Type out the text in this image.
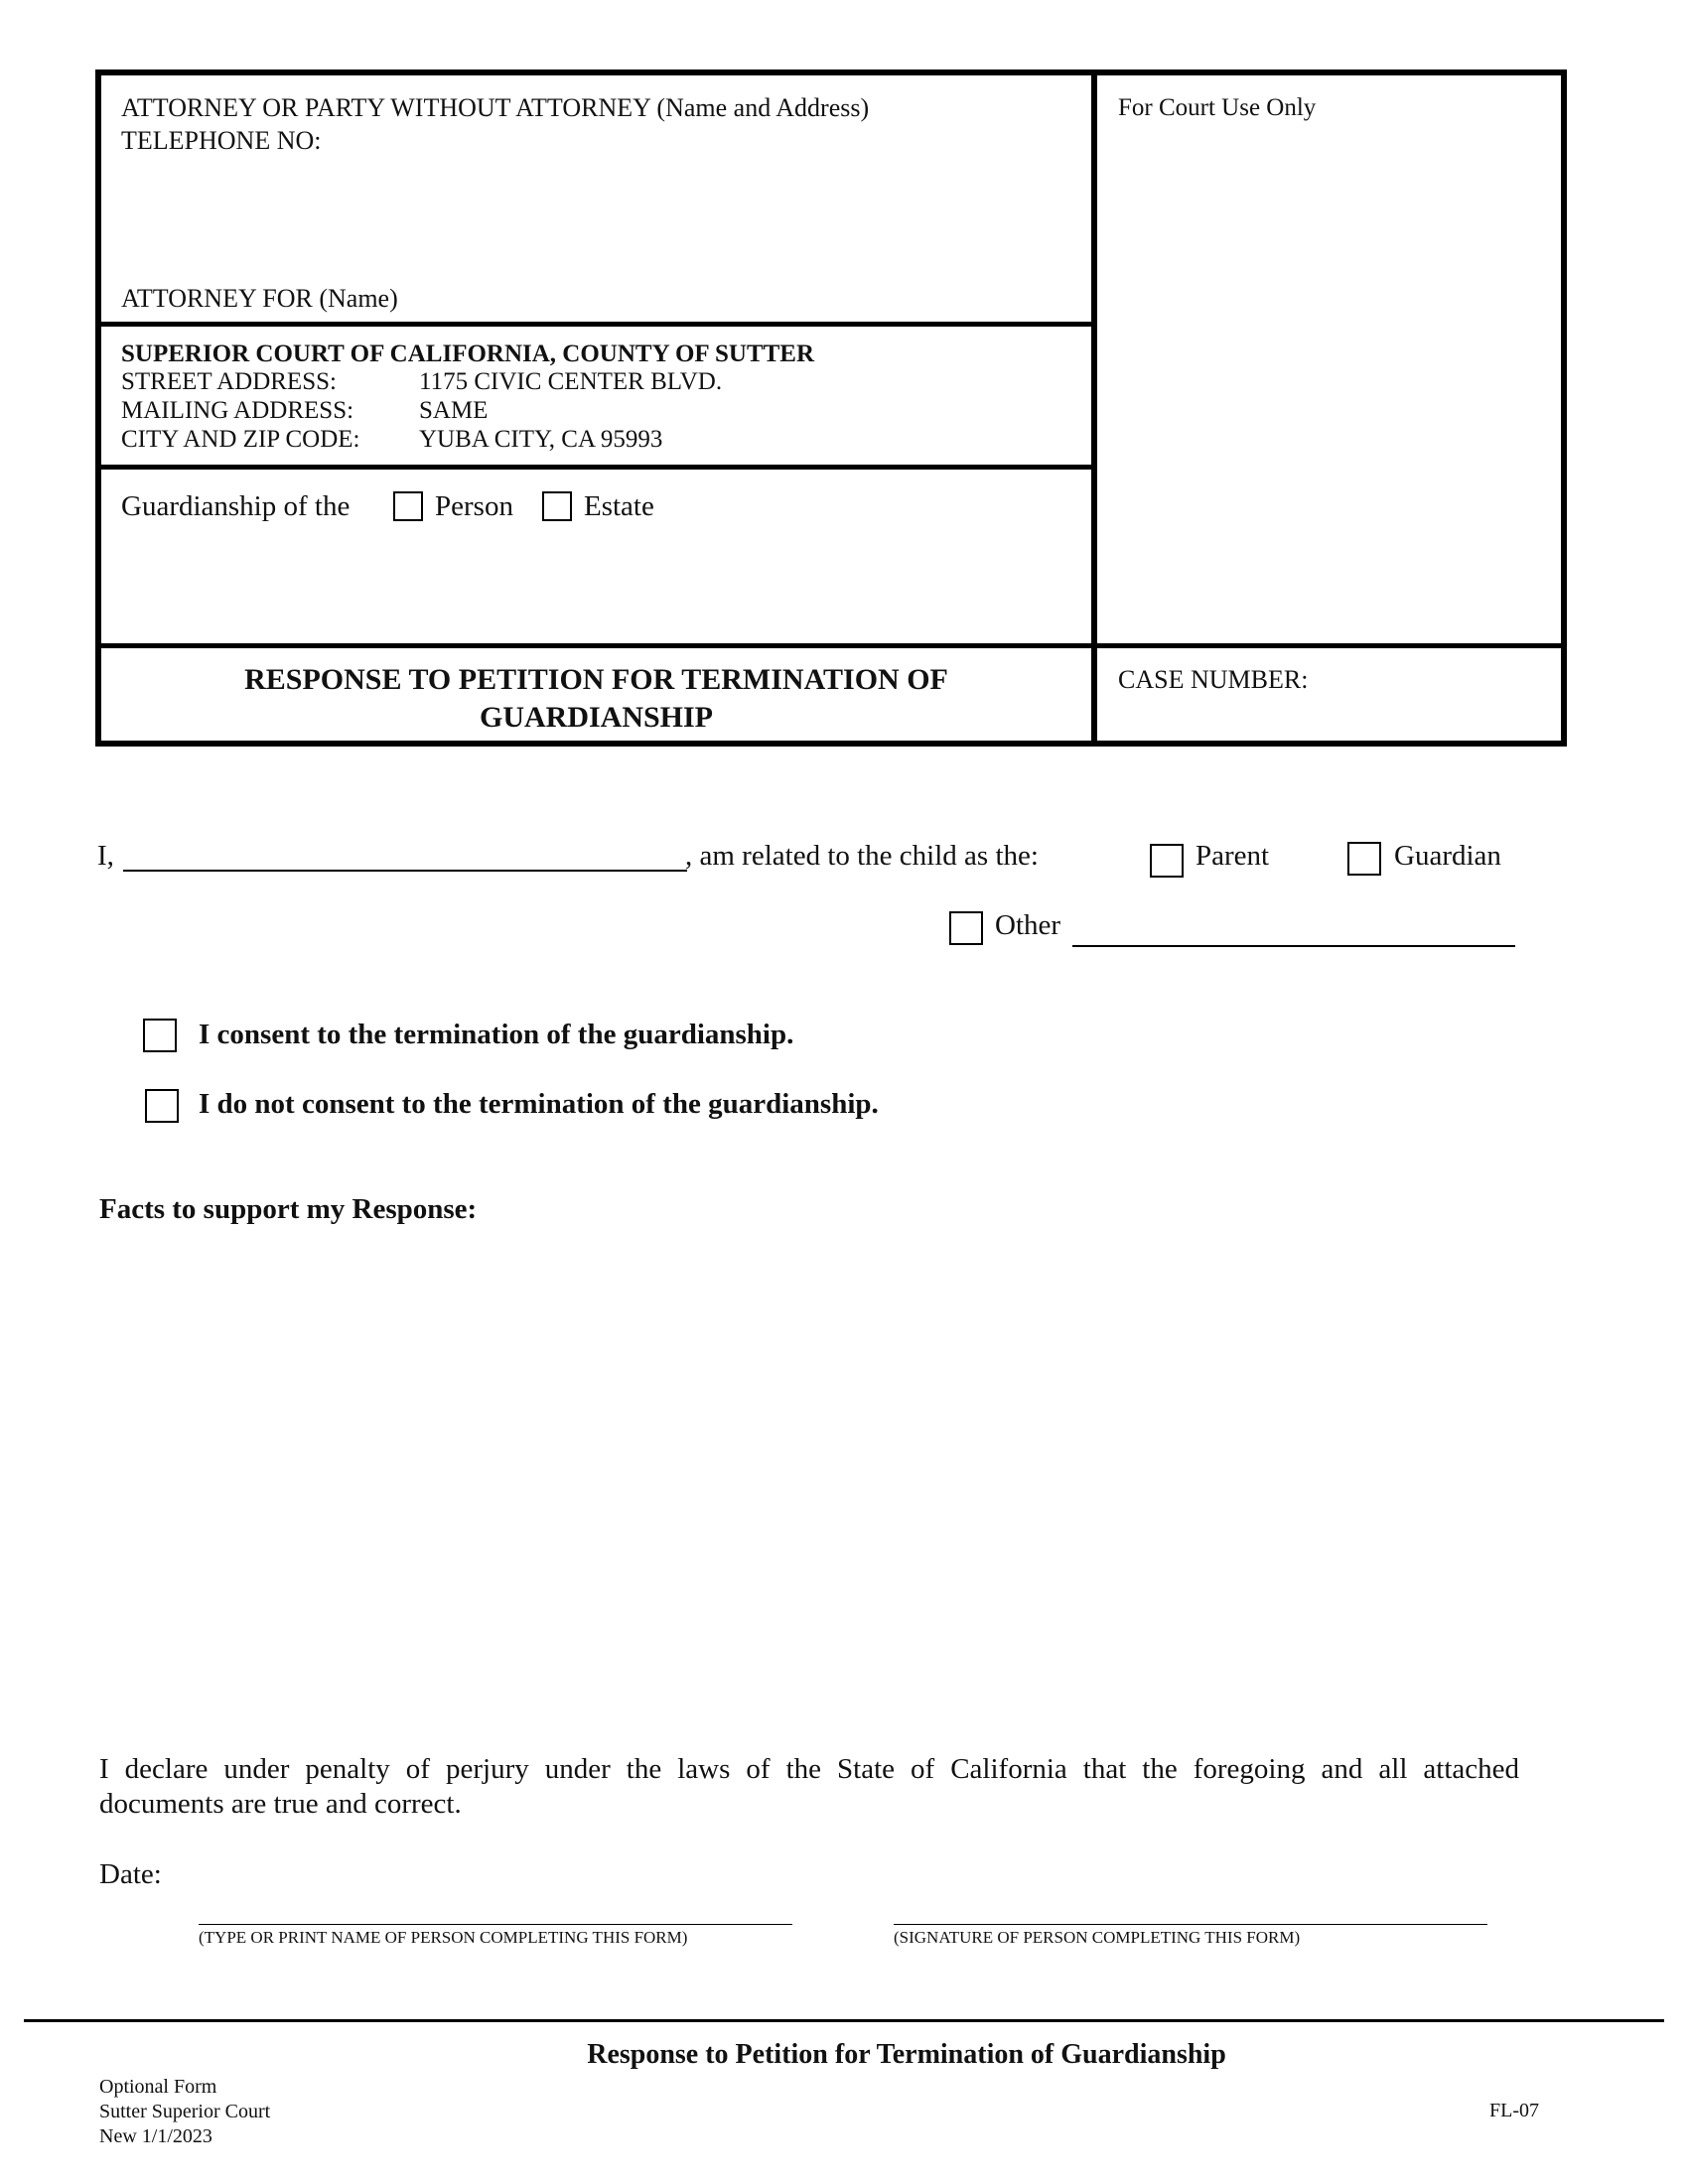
ATTORNEY OR PARTY WITHOUT ATTORNEY (Name and Address)
TELEPHONE NO:
ATTORNEY FOR (Name)
For Court Use Only
SUPERIOR COURT OF CALIFORNIA, COUNTY OF SUTTER
STREET ADDRESS:	1175 CIVIC CENTER BLVD.
MAILING ADDRESS:	SAME
CITY AND ZIP CODE: YUBA CITY, CA 95993
Guardianship of the	Person Estate
RESPONSE TO PETITION FOR TERMINATION OF
GUARDIANSHIP
CASE NUMBER:
I,	, am related to the child as the:	Parent	Guardian
Other
I consent to the termination of the guardianship.
I do not consent to the termination of the guardianship.
Facts to support my Response:
I declare under penalty of perjury under the laws of the State of California that the foregoing and all attached
documents are true and correct.
Date:
(TYPE OR PRINT NAME OF PERSON COMPLETING THIS FORM)	(SIGNATURE OF PERSON COMPLETING THIS FORM)
Response to Petition for Termination of Guardianship
Optional Form
Sutter Superior Court
New 1/1/2023
FL-07
